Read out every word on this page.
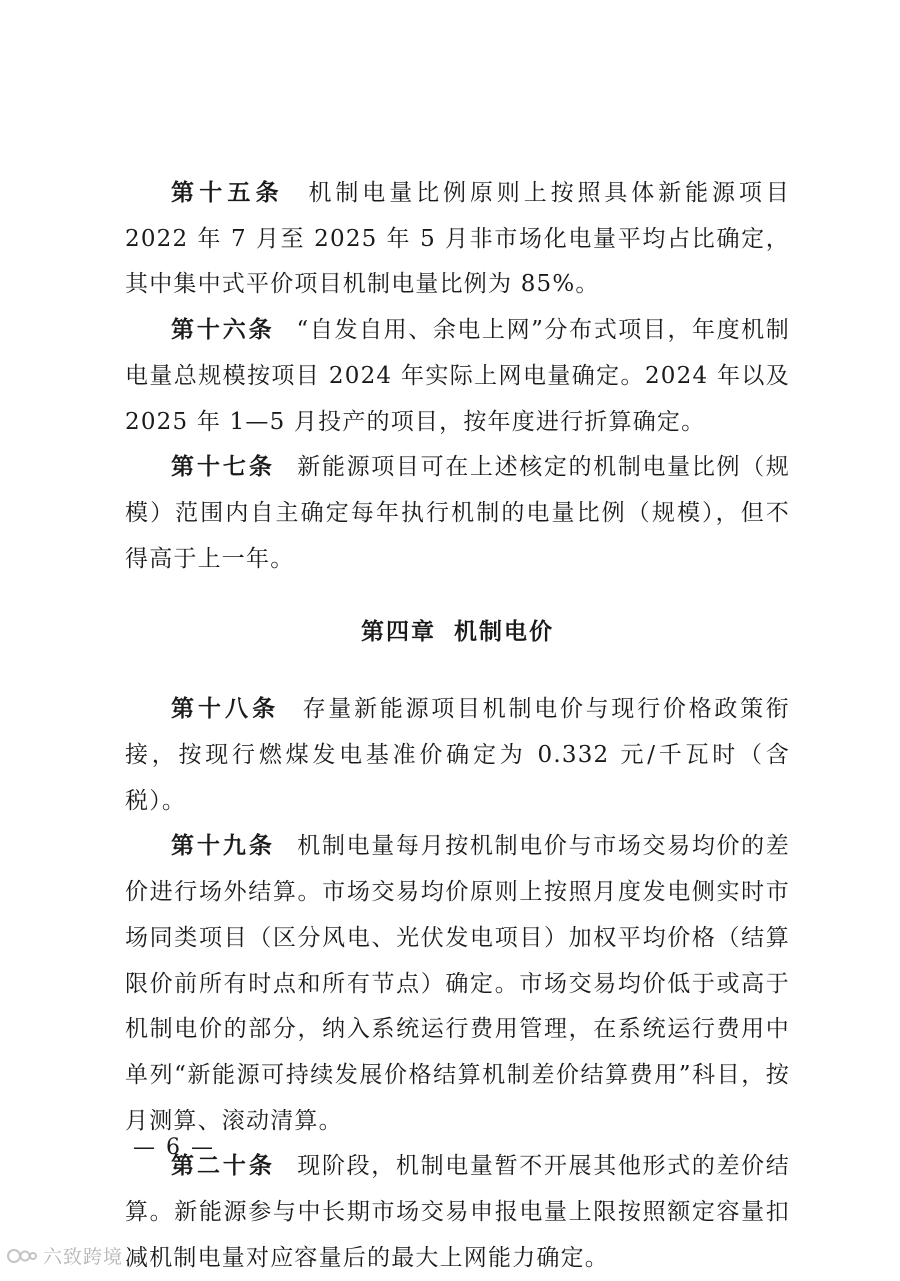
第十五条 机制电量比例原则上按照具体新能源项目 2022 年 7 月至 2025 年 5 月非市场化电量平均占比确定，其中集中式平价项目机制电量比例为 85%。

第十六条 “自发自用、余电上网”分布式项目，年度机制电量总规模按项目 2024 年实际上网电量确定。2024 年以及 2025 年 1—5 月投产的项目，按年度进行折算确定。

第十七条 新能源项目可在上述核定的机制电量比例（规模）范围内自主确定每年执行机制的电量比例（规模），但不得高于上一年。

第四章 机制电价

第十八条 存量新能源项目机制电价与现行价格政策衔接，按现行燃煤发电基准价确定为 0.332 元/千瓦时（含税）。

第十九条 机制电量每月按机制电价与市场交易均价的差价进行场外结算。市场交易均价原则上按照月度发电侧实时市场同类项目（区分风电、光伏发电项目）加权平均价格（结算限价前所有时点和所有节点）确定。市场交易均价低于或高于机制电价的部分，纳入系统运行费用管理，在系统运行费用中单列“新能源可持续发展价格结算机制差价结算费用”科目，按月测算、滚动清算。

第二十条 现阶段，机制电量暂不开展其他形式的差价结算。新能源参与中长期市场交易申报电量上限按照额定容量扣减机制电量对应容量后的最大上网能力确定。

— 6 —
六致跨境
